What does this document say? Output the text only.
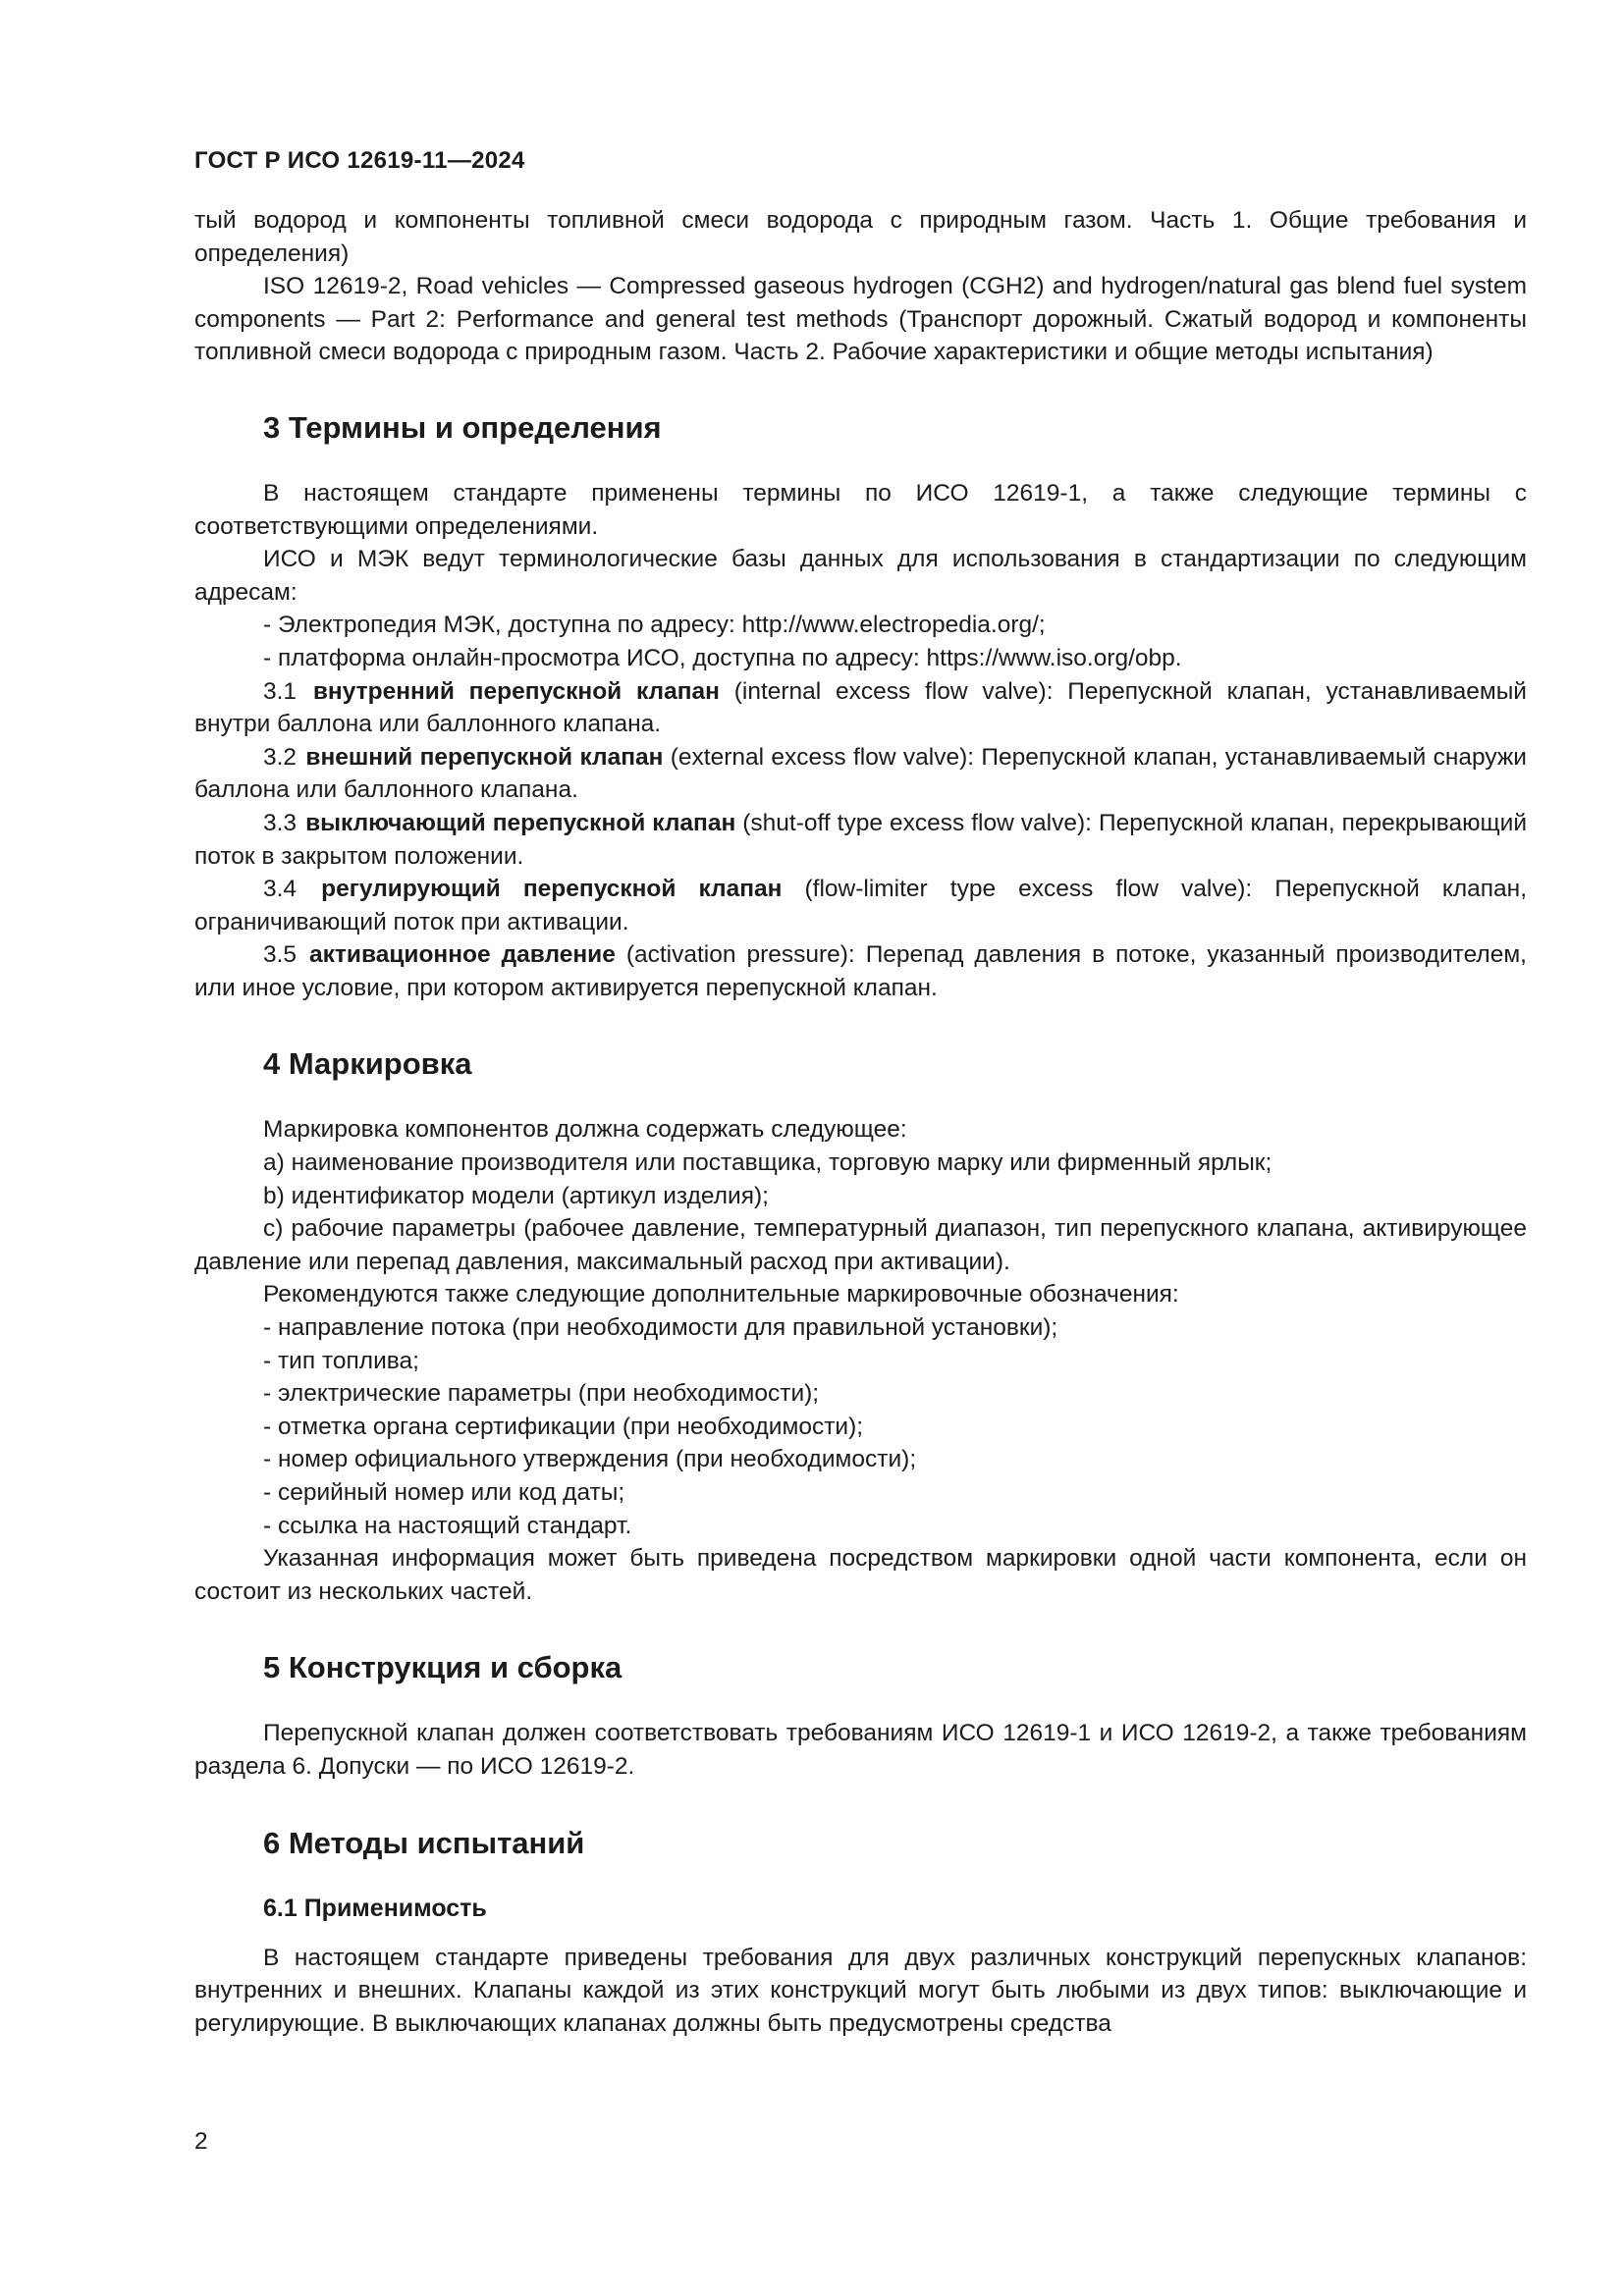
ГОСТ Р ИСО 12619-11—2024

тый водород и компоненты топливной смеси водорода с природным газом. Часть 1. Общие требования и определения)

ISO 12619-2, Road vehicles — Compressed gaseous hydrogen (CGH2) and hydrogen/natural gas blend fuel system components — Part 2: Performance and general test methods (Транспорт дорожный. Сжатый водород и компоненты топливной смеси водорода с природным газом. Часть 2. Рабочие характеристики и общие методы испытания)

3 Термины и определения

В настоящем стандарте применены термины по ИСО 12619-1, а также следующие термины с соответствующими определениями.

ИСО и МЭК ведут терминологические базы данных для использования в стандартизации по следующим адресам:

- Электропедия МЭК, доступна по адресу: http://www.electropedia.org/;

- платформа онлайн-просмотра ИСО, доступна по адресу: https://www.iso.org/obp.

3.1 внутренний перепускной клапан (internal excess flow valve): Перепускной клапан, устанавливаемый внутри баллона или баллонного клапана.

3.2 внешний перепускной клапан (external excess flow valve): Перепускной клапан, устанавливаемый снаружи баллона или баллонного клапана.

3.3 выключающий перепускной клапан (shut-off type excess flow valve): Перепускной клапан, перекрывающий поток в закрытом положении.

3.4 регулирующий перепускной клапан (flow-limiter type excess flow valve): Перепускной клапан, ограничивающий поток при активации.

3.5 активационное давление (activation pressure): Перепад давления в потоке, указанный производителем, или иное условие, при котором активируется перепускной клапан.

4 Маркировка

Маркировка компонентов должна содержать следующее:

a) наименование производителя или поставщика, торговую марку или фирменный ярлык;

b) идентификатор модели (артикул изделия);

c) рабочие параметры (рабочее давление, температурный диапазон, тип перепускного клапана, активирующее давление или перепад давления, максимальный расход при активации).

Рекомендуются также следующие дополнительные маркировочные обозначения:

- направление потока (при необходимости для правильной установки);

- тип топлива;

- электрические параметры (при необходимости);

- отметка органа сертификации (при необходимости);

- номер официального утверждения (при необходимости);

- серийный номер или код даты;

- ссылка на настоящий стандарт.

Указанная информация может быть приведена посредством маркировки одной части компонента, если он состоит из нескольких частей.

5 Конструкция и сборка

Перепускной клапан должен соответствовать требованиям ИСО 12619-1 и ИСО 12619-2, а также требованиям раздела 6. Допуски — по ИСО 12619-2.

6 Методы испытаний
6.1 Применимость

В настоящем стандарте приведены требования для двух различных конструкций перепускных клапанов: внутренних и внешних. Клапаны каждой из этих конструкций могут быть любыми из двух типов: выключающие и регулирующие. В выключающих клапанах должны быть предусмотрены средства

2
